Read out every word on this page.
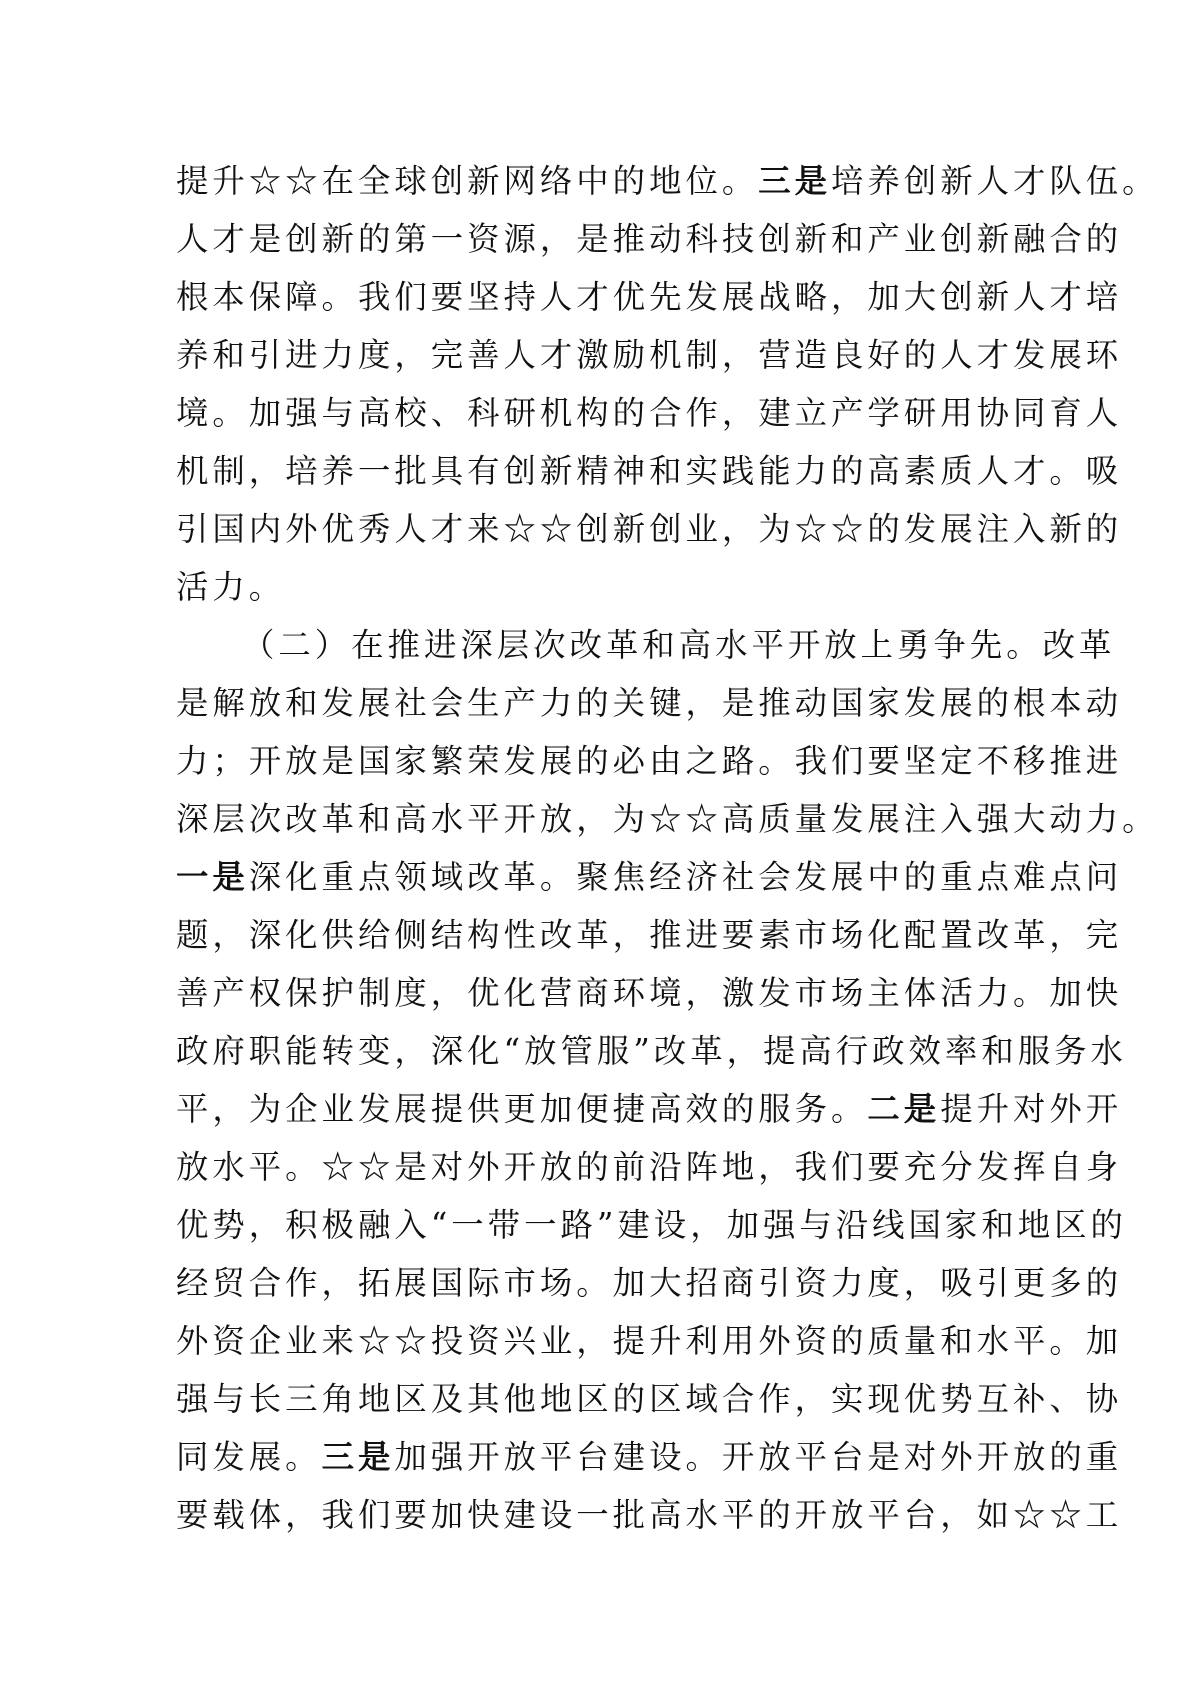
提升☆☆在全球创新网络中的地位。三是培养创新人才队伍。
人才是创新的第一资源，是推动科技创新和产业创新融合的
根本保障。我们要坚持人才优先发展战略，加大创新人才培
养和引进力度，完善人才激励机制，营造良好的人才发展环
境。加强与高校、科研机构的合作，建立产学研用协同育人
机制，培养一批具有创新精神和实践能力的高素质人才。吸
引国内外优秀人才来☆☆创新创业，为☆☆的发展注入新的
活力。
（二）在推进深层次改革和高水平开放上勇争先。改革
是解放和发展社会生产力的关键，是推动国家发展的根本动
力；开放是国家繁荣发展的必由之路。我们要坚定不移推进
深层次改革和高水平开放，为☆☆高质量发展注入强大动力。
一是深化重点领域改革。聚焦经济社会发展中的重点难点问
题，深化供给侧结构性改革，推进要素市场化配置改革，完
善产权保护制度，优化营商环境，激发市场主体活力。加快
政府职能转变，深化“放管服”改革，提高行政效率和服务水
平，为企业发展提供更加便捷高效的服务。二是提升对外开
放水平。☆☆是对外开放的前沿阵地，我们要充分发挥自身
优势，积极融入“一带一路”建设，加强与沿线国家和地区的
经贸合作，拓展国际市场。加大招商引资力度，吸引更多的
外资企业来☆☆投资兴业，提升利用外资的质量和水平。加
强与长三角地区及其他地区的区域合作，实现优势互补、协
同发展。三是加强开放平台建设。开放平台是对外开放的重
要载体，我们要加快建设一批高水平的开放平台，如☆☆工
